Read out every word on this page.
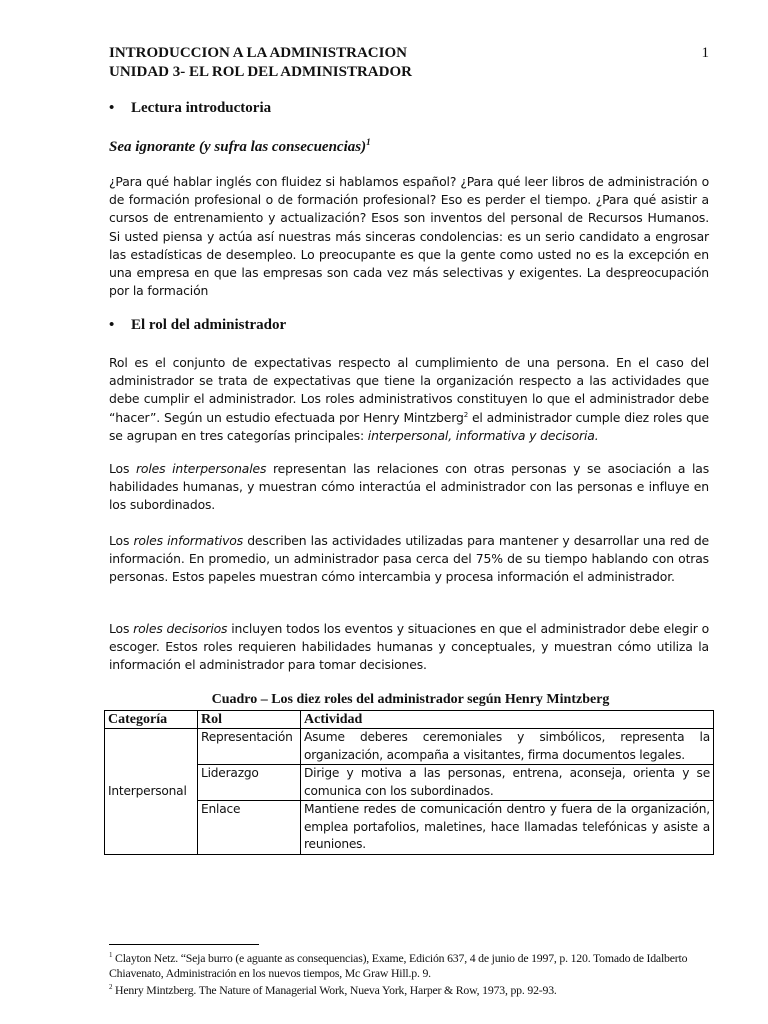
INTRODUCCION A LA ADMINISTRACION
UNIDAD 3- EL ROL DEL ADMINISTRADOR
1
• Lectura introductoria
Sea ignorante (y sufra las consecuencias)$^1$
¿Para qué hablar inglés con fluidez si hablamos español? ¿Para qué leer libros de administración o de formación profesional o de formación profesional? Eso es perder el tiempo. ¿Para qué asistir a cursos de entrenamiento y actualización? Esos son inventos del personal de Recursos Humanos. Si usted piensa y actúa así nuestras más sinceras condolencias: es un serio candidato a engrosar las estadísticas de desempleo. Lo preocupante es que la gente como usted no es la excepción en una empresa en que las empresas son cada vez más selectivas y exigentes. La despreocupación por la formación
• El rol del administrador
Rol es el conjunto de expectativas respecto al cumplimiento de una persona. En el caso del administrador se trata de expectativas que tiene la organización respecto a las actividades que debe cumplir el administrador. Los roles administrativos constituyen lo que el administrador debe “hacer”. Según un estudio efectuada por Henry Mintzberg$^2$ el administrador cumple diez roles que se agrupan en tres categorías principales: interpersonal, informativa y decisoria.
Los roles interpersonales representan las relaciones con otras personas y se asociación a las habilidades humanas, y muestran cómo interactúa el administrador con las personas e influye en los subordinados.
Los roles informativos describen las actividades utilizadas para mantener y desarrollar una red de información. En promedio, un administrador pasa cerca del 75% de su tiempo hablando con otras personas. Estos papeles muestran cómo intercambia y procesa información el administrador.
Los roles decisorios incluyen todos los eventos y situaciones en que el administrador debe elegir o escoger. Estos roles requieren habilidades humanas y conceptuales, y muestran cómo utiliza la información el administrador para tomar decisiones.
Cuadro – Los diez roles del administrador según Henry Mintzberg
Categoría	Rol	Actividad
Interpersonal	Representación	Asume deberes ceremoniales y simbólicos, representa la organización, acompaña a visitantes, firma documentos legales.
	Liderazgo	Dirige y motiva a las personas, entrena, aconseja, orienta y se comunica con los subordinados.
	Enlace	Mantiene redes de comunicación dentro y fuera de la organización, emplea portafolios, maletines, hace llamadas telefónicas y asiste a reuniones.
$^1$ Clayton Netz. “Seja burro (e aguante as consequencias), Exame, Edición 637, 4 de junio de 1997, p. 120. Tomado de Idalberto Chiavenato, Administración en los nuevos tiempos, Mc Graw Hill.p. 9.
$^2$ Henry Mintzberg. The Nature of Managerial Work, Nueva York, Harper & Row, 1973, pp. 92-93.
